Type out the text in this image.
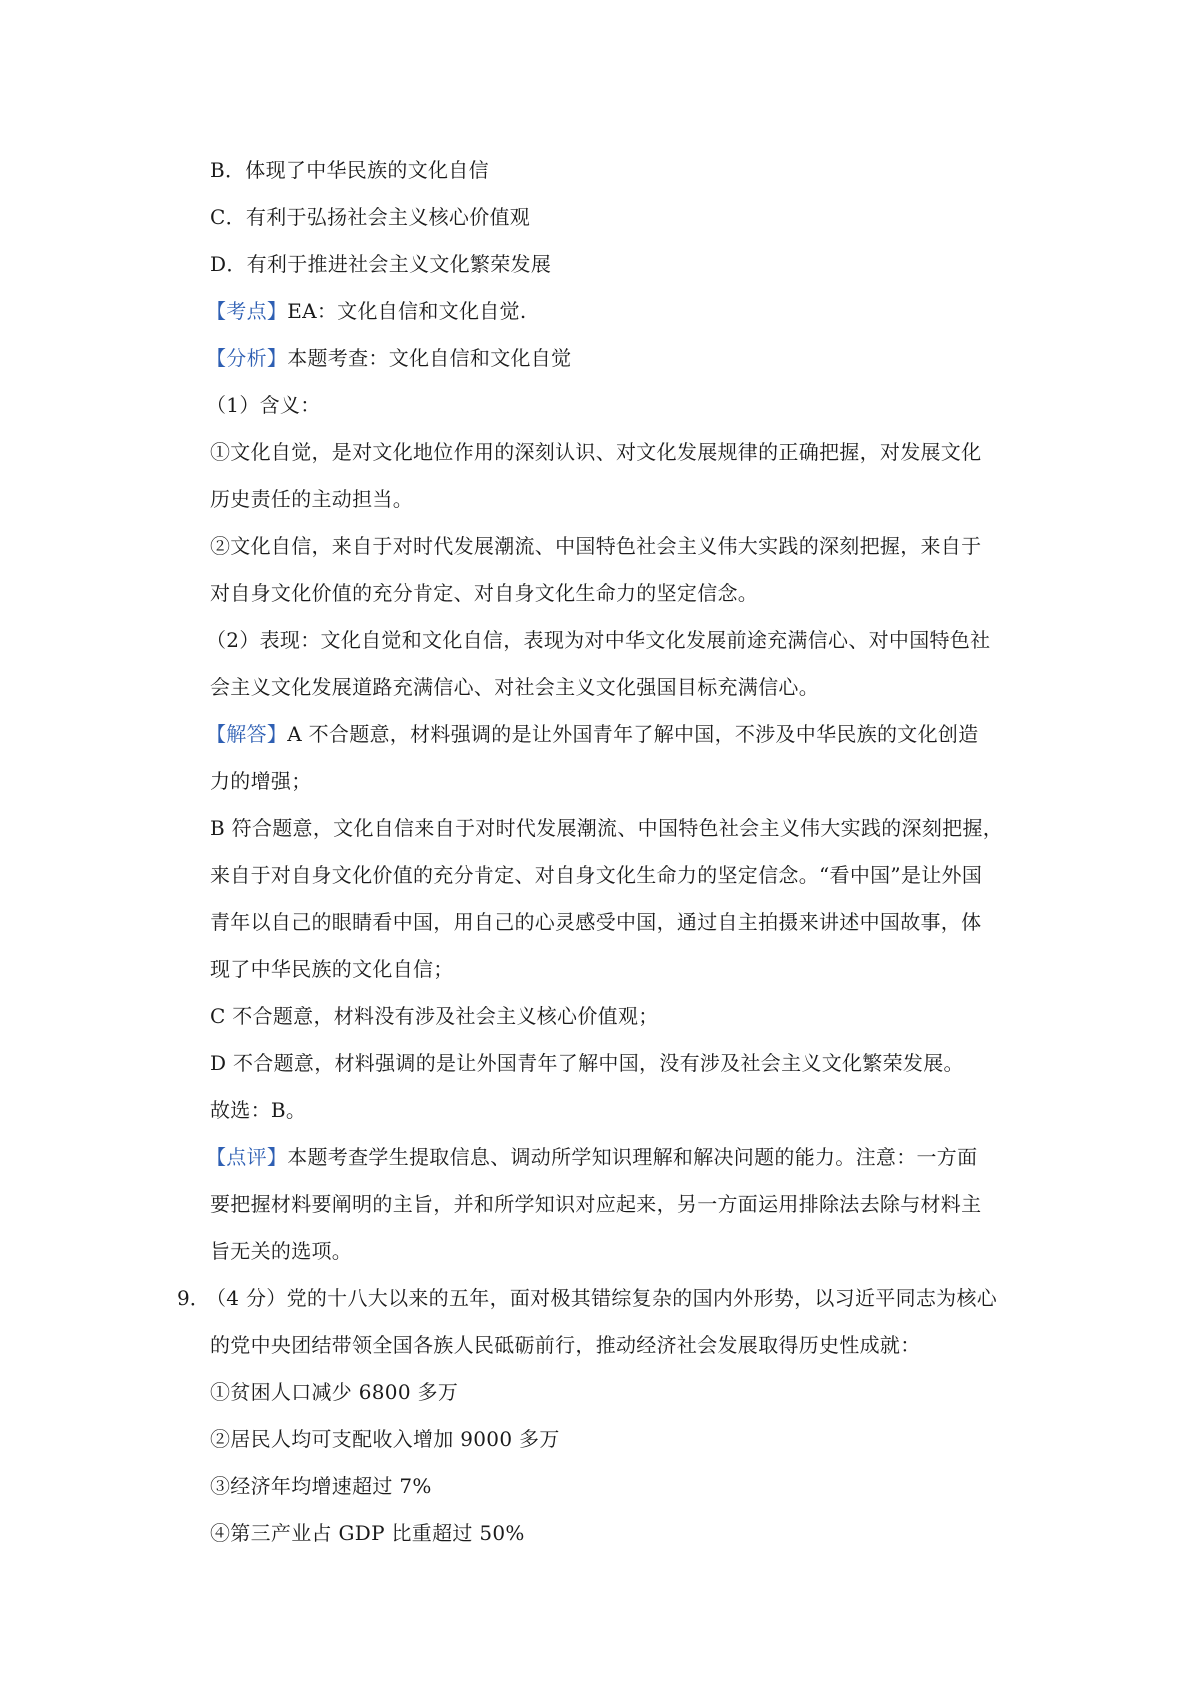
B．体现了中华民族的文化自信
C．有利于弘扬社会主义核心价值观
D．有利于推进社会主义文化繁荣发展
【考点】EA：文化自信和文化自觉.
【分析】本题考查：文化自信和文化自觉
（1）含义：
①文化自觉，是对文化地位作用的深刻认识、对文化发展规律的正确把握，对发展文化
历史责任的主动担当。
②文化自信，来自于对时代发展潮流、中国特色社会主义伟大实践的深刻把握，来自于
对自身文化价值的充分肯定、对自身文化生命力的坚定信念。
（2）表现：文化自觉和文化自信，表现为对中华文化发展前途充满信心、对中国特色社
会主义文化发展道路充满信心、对社会主义文化强国目标充满信心。
【解答】A 不合题意，材料强调的是让外国青年了解中国，不涉及中华民族的文化创造
力的增强；
B 符合题意，文化自信来自于对时代发展潮流、中国特色社会主义伟大实践的深刻把握，
来自于对自身文化价值的充分肯定、对自身文化生命力的坚定信念。“看中国”是让外国
青年以自己的眼睛看中国，用自己的心灵感受中国，通过自主拍摄来讲述中国故事，体
现了中华民族的文化自信；
C 不合题意，材料没有涉及社会主义核心价值观；
D 不合题意，材料强调的是让外国青年了解中国，没有涉及社会主义文化繁荣发展。
故选：B。
【点评】本题考查学生提取信息、调动所学知识理解和解决问题的能力。注意：一方面
要把握材料要阐明的主旨，并和所学知识对应起来，另一方面运用排除法去除与材料主
旨无关的选项。
9．
（4 分）党的十八大以来的五年，面对极其错综复杂的国内外形势，以习近平同志为核心
的党中央团结带领全国各族人民砥砺前行，推动经济社会发展取得历史性成就：
①贫困人口减少 6800 多万
②居民人均可支配收入增加 9000 多万
③经济年均增速超过 7%
④第三产业占 GDP 比重超过 50%
